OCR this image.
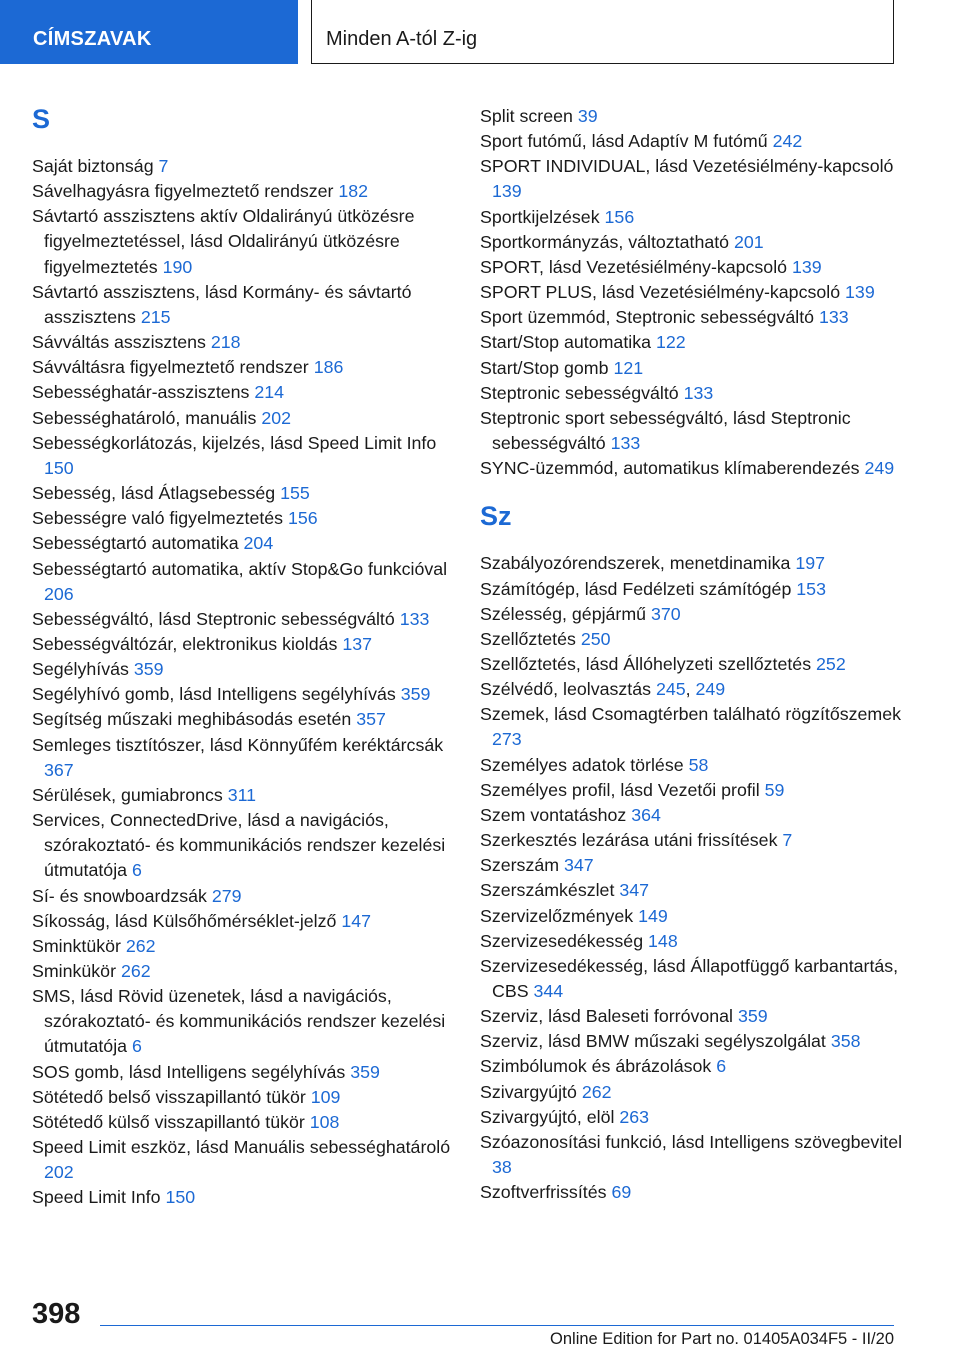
CÍMSZAVAK	Minden A-tól Z-ig
S
Saját biztonság 7
Sávelhagyásra figyelmeztető rendszer 182
Sávtartó asszisztens aktív Oldalirányú ütközésre figyelmeztetéssel, lásd Oldalirányú ütközésre figyelmeztetés 190
Sávtartó asszisztens, lásd Kormány- és sávtartó asszisztens 215
Sávváltás asszisztens 218
Sávváltásra figyelmeztető rendszer 186
Sebességhatár-asszisztens 214
Sebességhatároló, manuális 202
Sebességkorlátozás, kijelzés, lásd Speed Limit Info 150
Sebesség, lásd Átlagsebesség 155
Sebességre való figyelmeztetés 156
Sebességtartó automatika 204
Sebességtartó automatika, aktív Stop&Go funkcióval 206
Sebességváltó, lásd Steptronic sebességváltó 133
Sebességváltózár, elektronikus kioldás 137
Segélyhívás 359
Segélyhívó gomb, lásd Intelligens segélyhívás 359
Segítség műszaki meghibásodás esetén 357
Semleges tisztítószer, lásd Könnyűfém keréktárcsák 367
Sérülések, gumiabroncs 311
Services, ConnectedDrive, lásd a navigációs, szórakoztató- és kommunikációs rendszer kezelési útmutatója 6
Sí- és snowboardzsák 279
Síkosság, lásd Külsőhőmérséklet-jelző 147
Sminktükör 262
Sminkükör 262
SMS, lásd Rövid üzenetek, lásd a navigációs, szórakoztató- és kommunikációs rendszer kezelési útmutatója 6
SOS gomb, lásd Intelligens segélyhívás 359
Sötétedő belső visszapillantó tükör 109
Sötétedő külső visszapillantó tükör 108
Speed Limit eszköz, lásd Manuális sebességhatároló 202
Speed Limit Info 150
Split screen 39
Sport futómű, lásd Adaptív M futómű 242
SPORT INDIVIDUAL, lásd Vezetésiélmény-kapcsoló 139
Sportkijelzések 156
Sportkormányzás, változtatható 201
SPORT, lásd Vezetésiélmény-kapcsoló 139
SPORT PLUS, lásd Vezetésiélmény-kapcsoló 139
Sport üzemmód, Steptronic sebességváltó 133
Start/Stop automatika 122
Start/Stop gomb 121
Steptronic sebességváltó 133
Steptronic sport sebességváltó, lásd Steptronic sebességváltó 133
SYNC-üzemmód, automatikus klímaberendezés 249
Sz
Szabályozórendszerek, menetdinamika 197
Számítógép, lásd Fedélzeti számítógép 153
Szélesség, gépjármű 370
Szellőztetés 250
Szellőztetés, lásd Állóhelyzeti szellőztetés 252
Szélvédő, leolvasztás 245, 249
Szemek, lásd Csomagtérben található rögzítőszemek 273
Személyes adatok törlése 58
Személyes profil, lásd Vezetői profil 59
Szem vontatáshoz 364
Szerkesztés lezárása utáni frissítések 7
Szerszám 347
Szerszámkészlet 347
Szervizelőzmények 149
Szervizesedékesség 148
Szervizesedékesség, lásd Állapotfüggő karbantartás, CBS 344
Szerviz, lásd Baleseti forróvonal 359
Szerviz, lásd BMW műszaki segélyszolgálat 358
Szimbólumok és ábrázolások 6
Szivargyújtó 262
Szivargyújtó, elöl 263
Szóazonosítási funkció, lásd Intelligens szövegbevitel 38
Szoftverfrissítés 69
398
Online Edition for Part no. 01405A034F5 - II/20
